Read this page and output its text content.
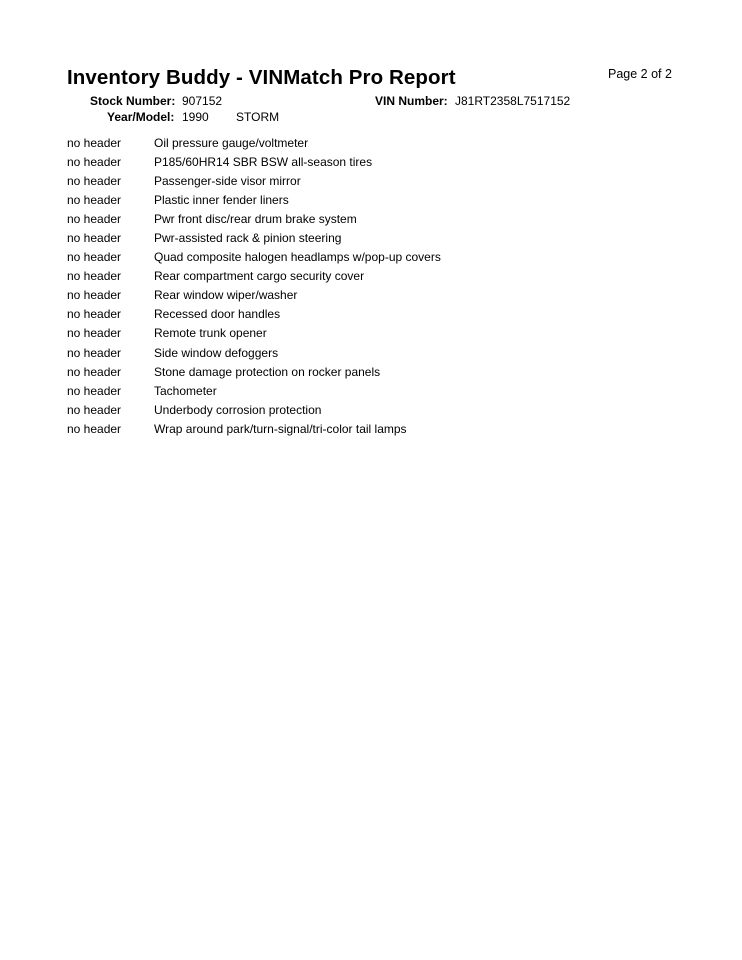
Inventory Buddy - VINMatch Pro Report	Page 2 of 2
Stock Number: 907152	VIN Number: J81RT2358L7517152
Year/Model: 1990 STORM
no header	Oil pressure gauge/voltmeter
no header	P185/60HR14 SBR BSW all-season tires
no header	Passenger-side visor mirror
no header	Plastic inner fender liners
no header	Pwr front disc/rear drum brake system
no header	Pwr-assisted rack & pinion steering
no header	Quad composite halogen headlamps w/pop-up covers
no header	Rear compartment cargo security cover
no header	Rear window wiper/washer
no header	Recessed door handles
no header	Remote trunk opener
no header	Side window defoggers
no header	Stone damage protection on rocker panels
no header	Tachometer
no header	Underbody corrosion protection
no header	Wrap around park/turn-signal/tri-color tail lamps
